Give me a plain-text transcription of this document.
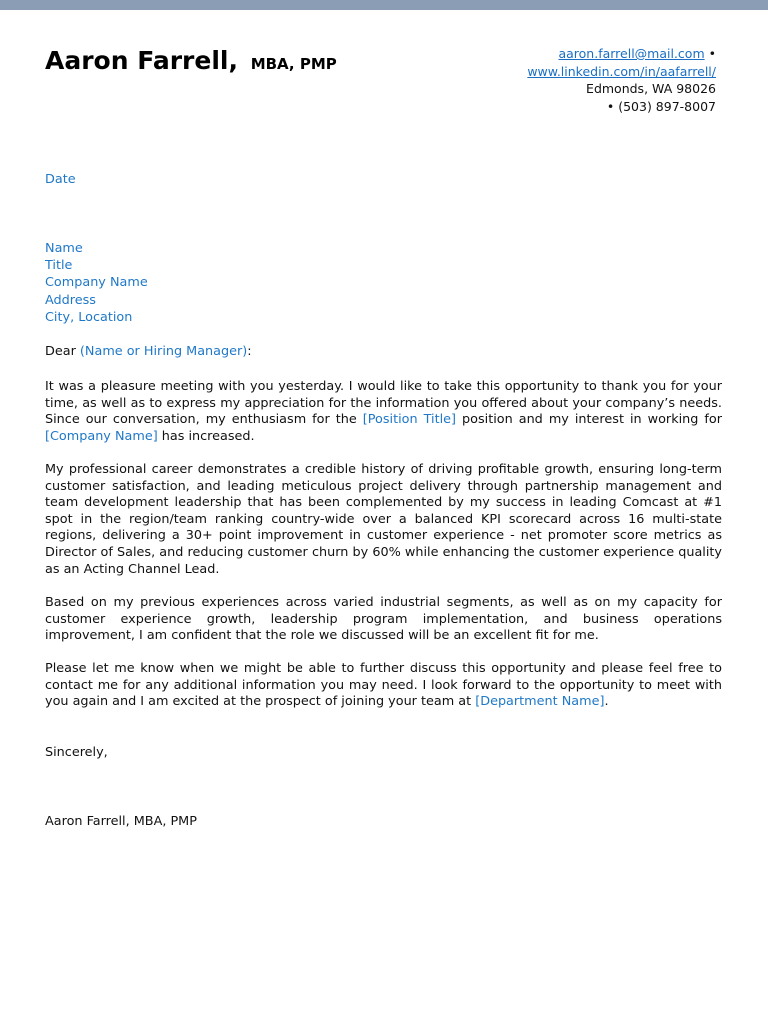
Aaron Farrell, MBA, PMP
aaron.farrell@mail.com •
www.linkedin.com/in/aafarrell/
Edmonds, WA 98026
• (503) 897-8007
Date
Name
Title
Company Name
Address
City, Location
Dear (Name or Hiring Manager):

It was a pleasure meeting with you yesterday. I would like to take this opportunity to thank you for your time, as well as to express my appreciation for the information you offered about your company’s needs. Since our conversation, my enthusiasm for the [Position Title] position and my interest in working for [Company Name] has increased.

My professional career demonstrates a credible history of driving profitable growth, ensuring long-term customer satisfaction, and leading meticulous project delivery through partnership management and team development leadership that has been complemented by my success in leading Comcast at #1 spot in the region/team ranking country-wide over a balanced KPI scorecard across 16 multi-state regions, delivering a 30+ point improvement in customer experience - net promoter score metrics as Director of Sales, and reducing customer churn by 60% while enhancing the customer experience quality as an Acting Channel Lead.

Based on my previous experiences across varied industrial segments, as well as on my capacity for customer experience growth, leadership program implementation, and business operations improvement, I am confident that the role we discussed will be an excellent fit for me.

Please let me know when we might be able to further discuss this opportunity and please feel free to contact me for any additional information you may need. I look forward to the opportunity to meet with you again and I am excited at the prospect of joining your team at [Department Name].

Sincerely,
Aaron Farrell, MBA, PMP
